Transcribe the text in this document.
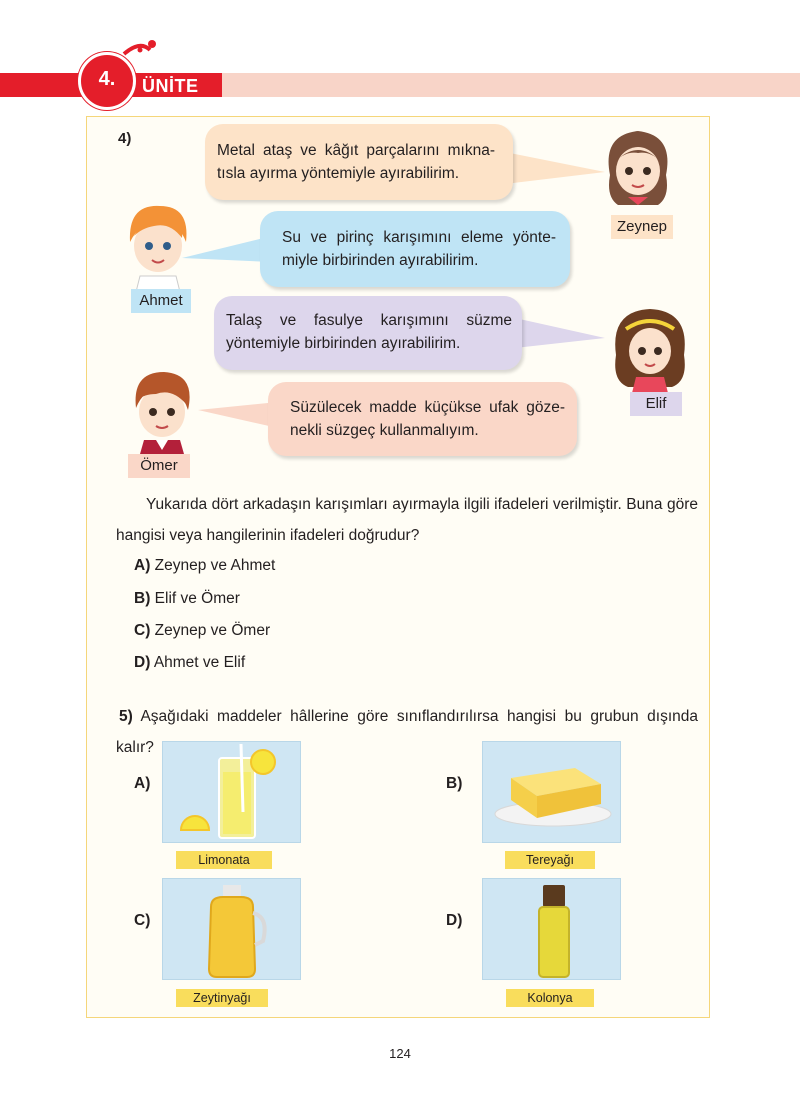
4.	ÜNİTE
4)
Metal ataş ve kâğıt parçalarını mıkna-tısla ayırma yöntemiyle ayırabilirim.
Su ve pirinç karışımını eleme yönte-miyle birbirinden ayırabilirim.
Talaş ve fasulye karışımını süzme yöntemiyle birbirinden ayırabilirim.
Süzülecek madde küçükse ufak göze-nekli süzgeç kullanmalıyım.
Zeynep
Ahmet
Elif
Ömer
Yukarıda dört arkadaşın karışımları ayırmayla ilgili ifadeleri verilmiştir. Buna göre hangisi veya hangilerinin ifadeleri doğrudur?
A) Zeynep ve Ahmet
B) Elif ve Ömer
C) Zeynep ve Ömer
D) Ahmet ve Elif
5) Aşağıdaki maddeler hâllerine göre sınıflandırılırsa hangisi bu grubun dışında kalır?
A)
Limonata
B)
Tereyağı
C)
Zeytinyağı
D)
Kolonya
124
